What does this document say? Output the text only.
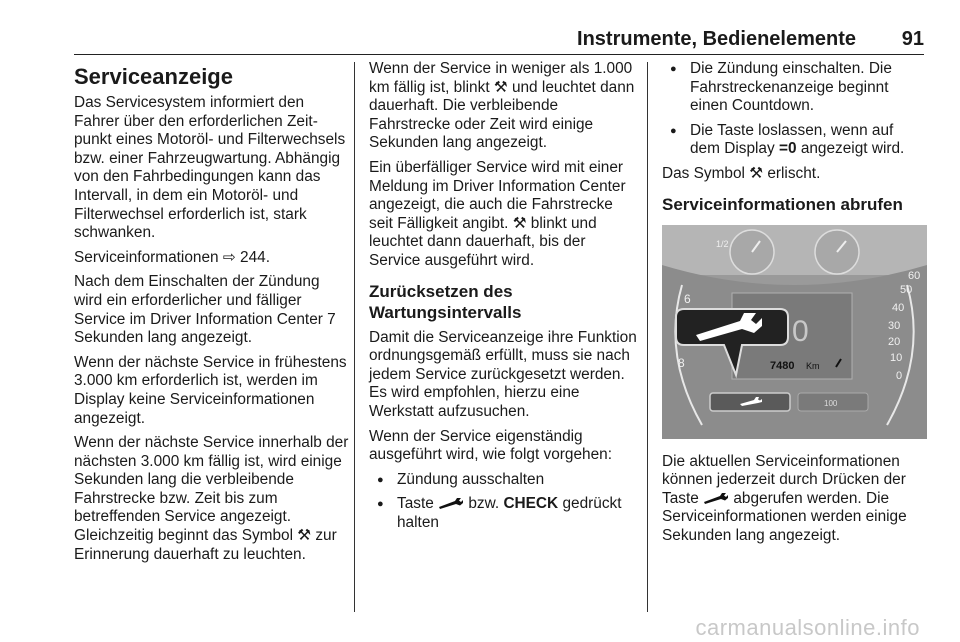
Instrumente, Bedienelemente 91
Serviceanzeige

Das Servicesystem informiert den Fahrer über den erforderlichen Zeitpunkt eines Motoröl- und Filterwechsels bzw. einer Fahrzeugwartung. Abhängig von den Fahrbedingungen kann das Intervall, in dem ein Motoröl- und Filterwechsel erforderlich ist, stark schwanken.

Serviceinformationen ⇨ 244.

Nach dem Einschalten der Zündung wird ein erforderlicher und fälliger Service im Driver Information Center 7 Sekunden lang angezeigt.

Wenn der nächste Service in frühestens 3.000 km erforderlich ist, werden im Display keine Serviceinformationen angezeigt.

Wenn der nächste Service innerhalb der nächsten 3.000 km fällig ist, wird einige Sekunden lang die verbleibende Fahrstrecke bzw. Zeit bis zum betreffenden Service angezeigt. Gleichzeitig beginnt das Symbol ⚒ zur Erinnerung dauerhaft zu leuchten.

Wenn der Service in weniger als 1.000 km fällig ist, blinkt ⚒ und leuchtet dann dauerhaft. Die verbleibende Fahrstrecke oder Zeit wird einige Sekunden lang angezeigt.

Ein überfälliger Service wird mit einer Meldung im Driver Information Center angezeigt, die auch die Fahrstrecke seit Fälligkeit angibt. ⚒ blinkt und leuchtet dann dauerhaft, bis der Service ausgeführt wird.

Zurücksetzen des Wartungsintervalls

Damit die Serviceanzeige ihre Funktion ordnungsgemäß erfüllt, muss sie nach jedem Service zurückgesetzt werden. Es wird empfohlen, hierzu eine Werkstatt aufzusuchen.

Wenn der Service eigenständig ausgeführt wird, wie folgt vorgehen:

● Zündung ausschalten
● Taste bzw. CHECK gedrückt halten
● Die Zündung einschalten. Die Fahrstreckenanzeige beginnt einen Countdown.
● Die Taste loslassen, wenn auf dem Display =0 angezeigt wird.

Das Symbol ⚒ erlischt.

Serviceinformationen abrufen
1/2
6
8
60
50
40
30
20
10
0
0
7480 Km
100

Die aktuellen Serviceinformationen können jederzeit durch Drücken der Taste abgerufen werden. Die Serviceinformationen werden einige Sekunden lang angezeigt.

carmanualsonline.info
